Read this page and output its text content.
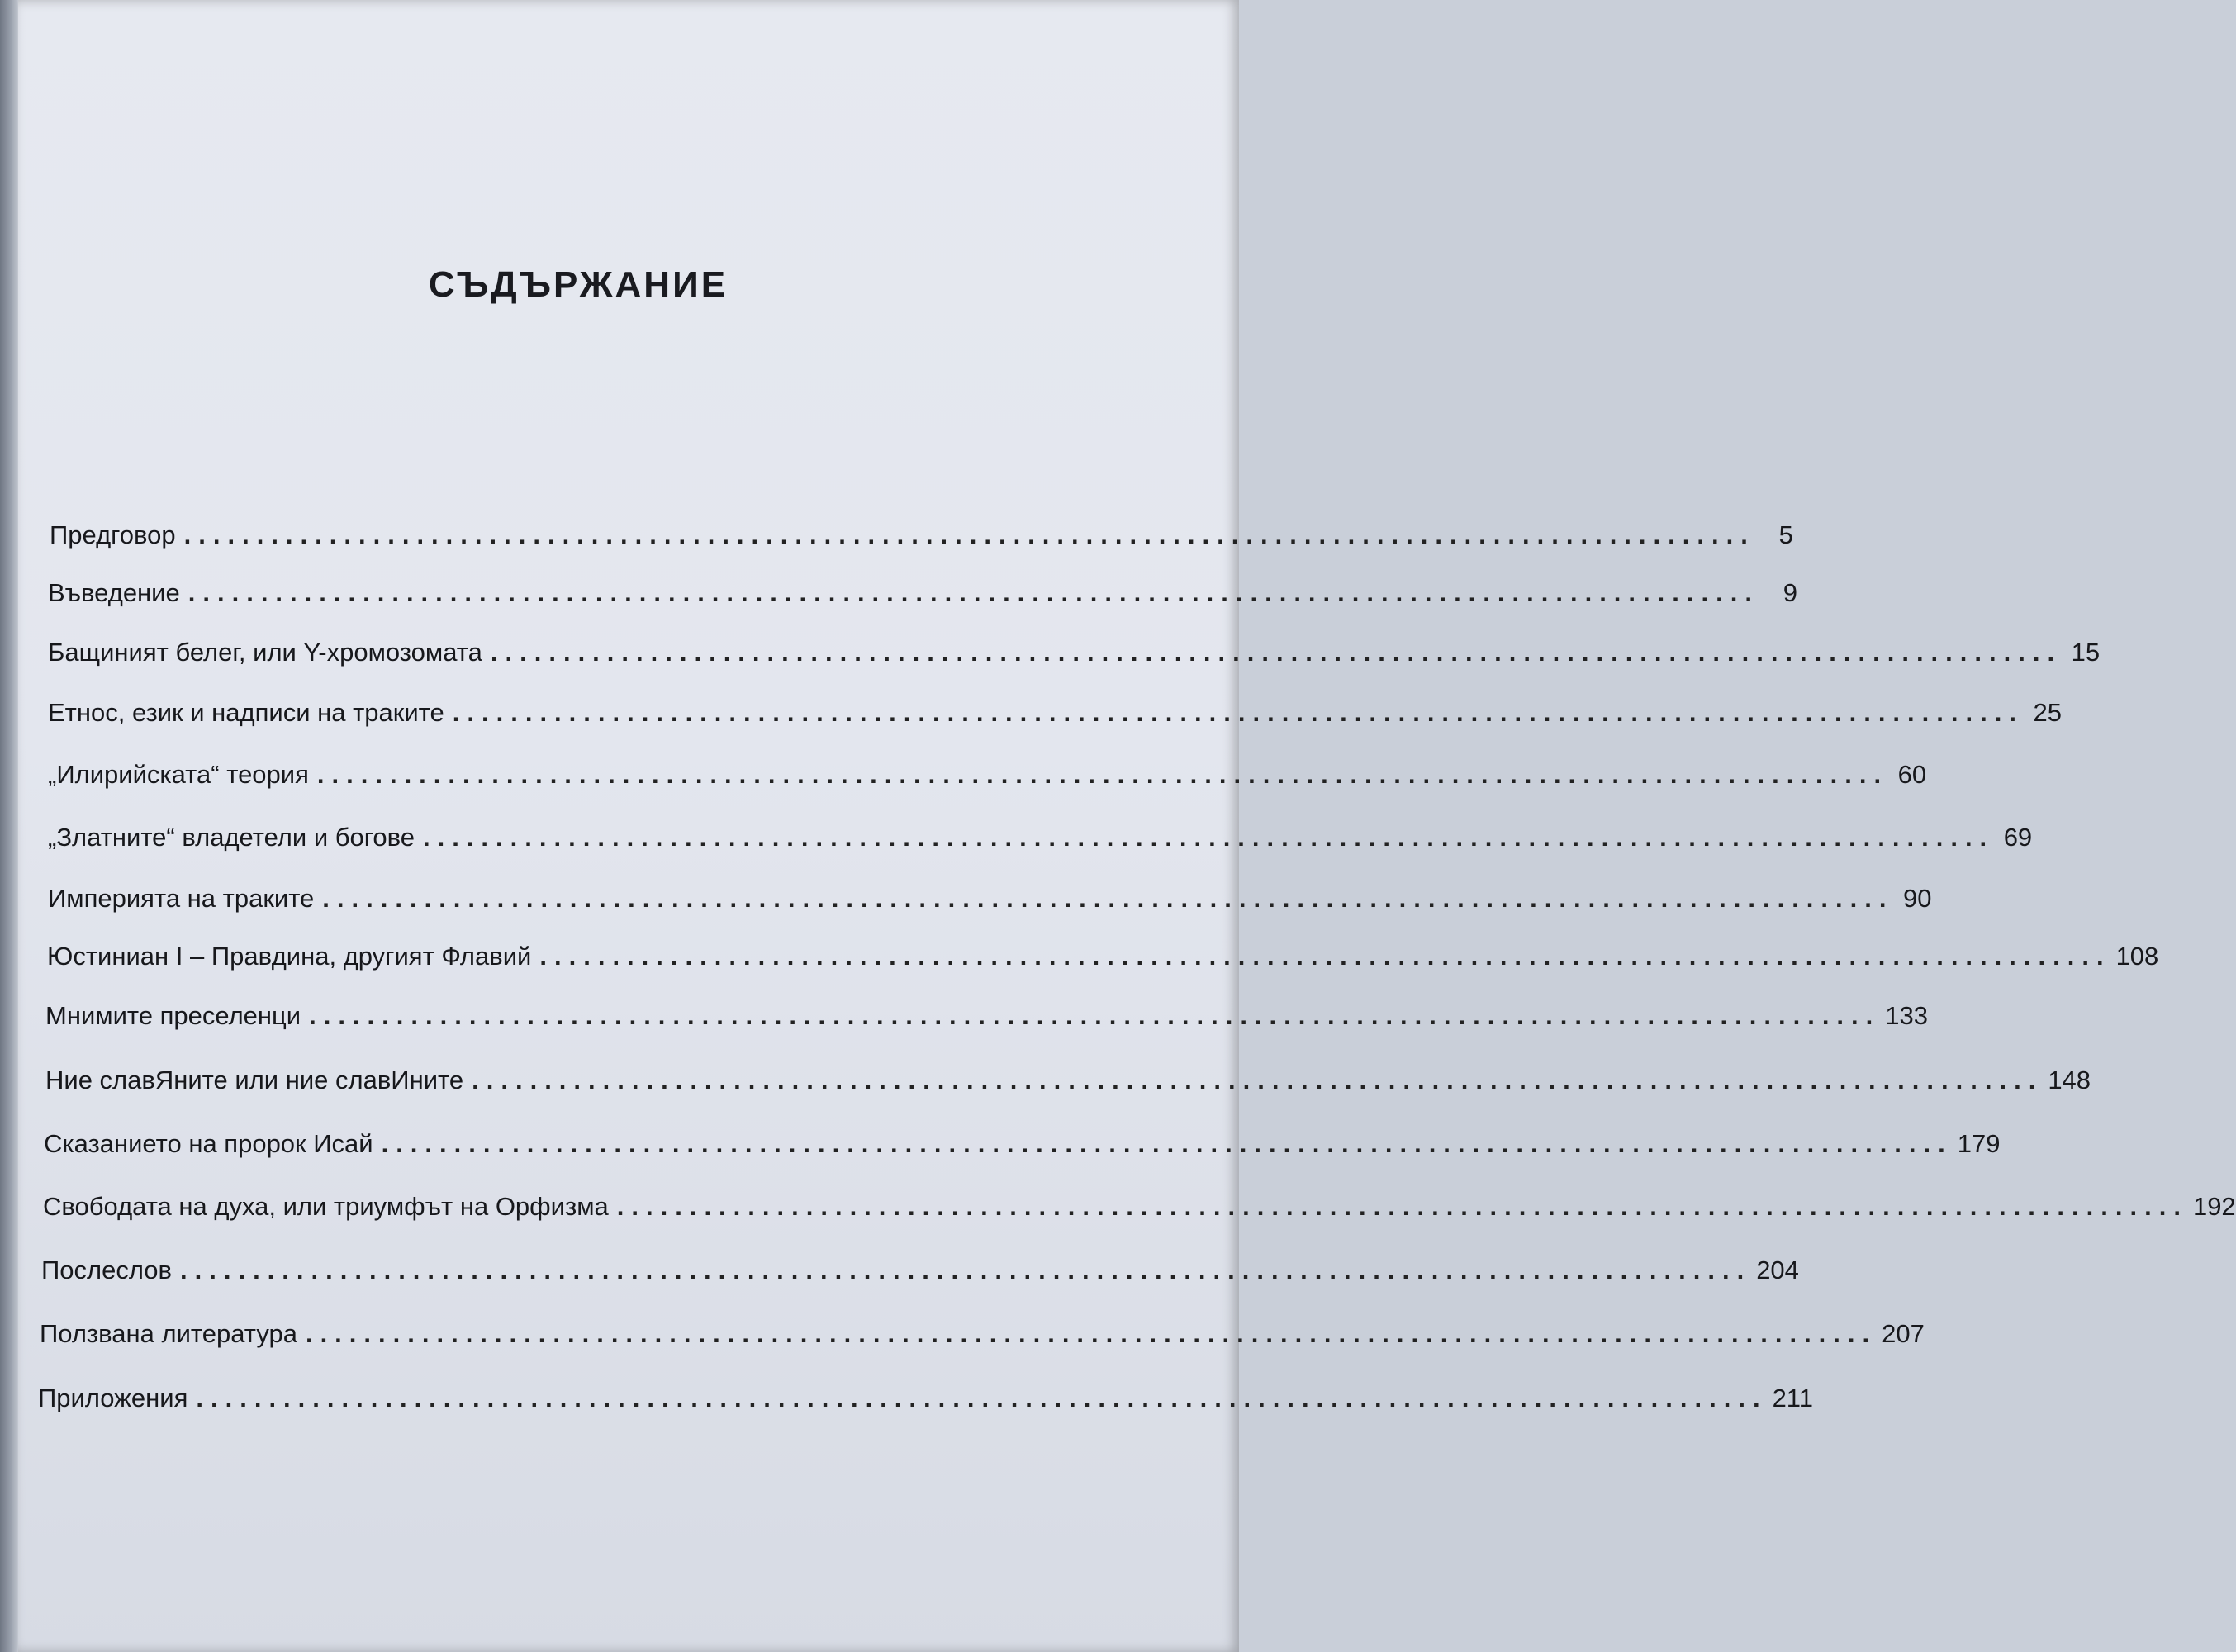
СЪДЪРЖАНИЕ
Предговор ............................................................................................................ 5
Въведение ............................................................................................................ 9
Бащиният белег, или Y-хромозомата ............................................................................................................ 15
Етнос, език и надписи на траките ............................................................................................................ 25
„Илирийската“ теория ............................................................................................................ 60
„Златните“ владетели и богове ............................................................................................................ 69
Империята на траките ............................................................................................................ 90
Юстиниан I – Правдина, другият Флавий ............................................................................................................ 108
Мнимите преселенци ............................................................................................................ 133
Ние славЯните или ние славИните ............................................................................................................ 148
Сказанието на пророк Исай ............................................................................................................ 179
Свободата на духа, или триумфът на Орфизма ............................................................................................................ 192
Послеслов ............................................................................................................ 204
Ползвана литература ............................................................................................................ 207
Приложения ............................................................................................................ 211
